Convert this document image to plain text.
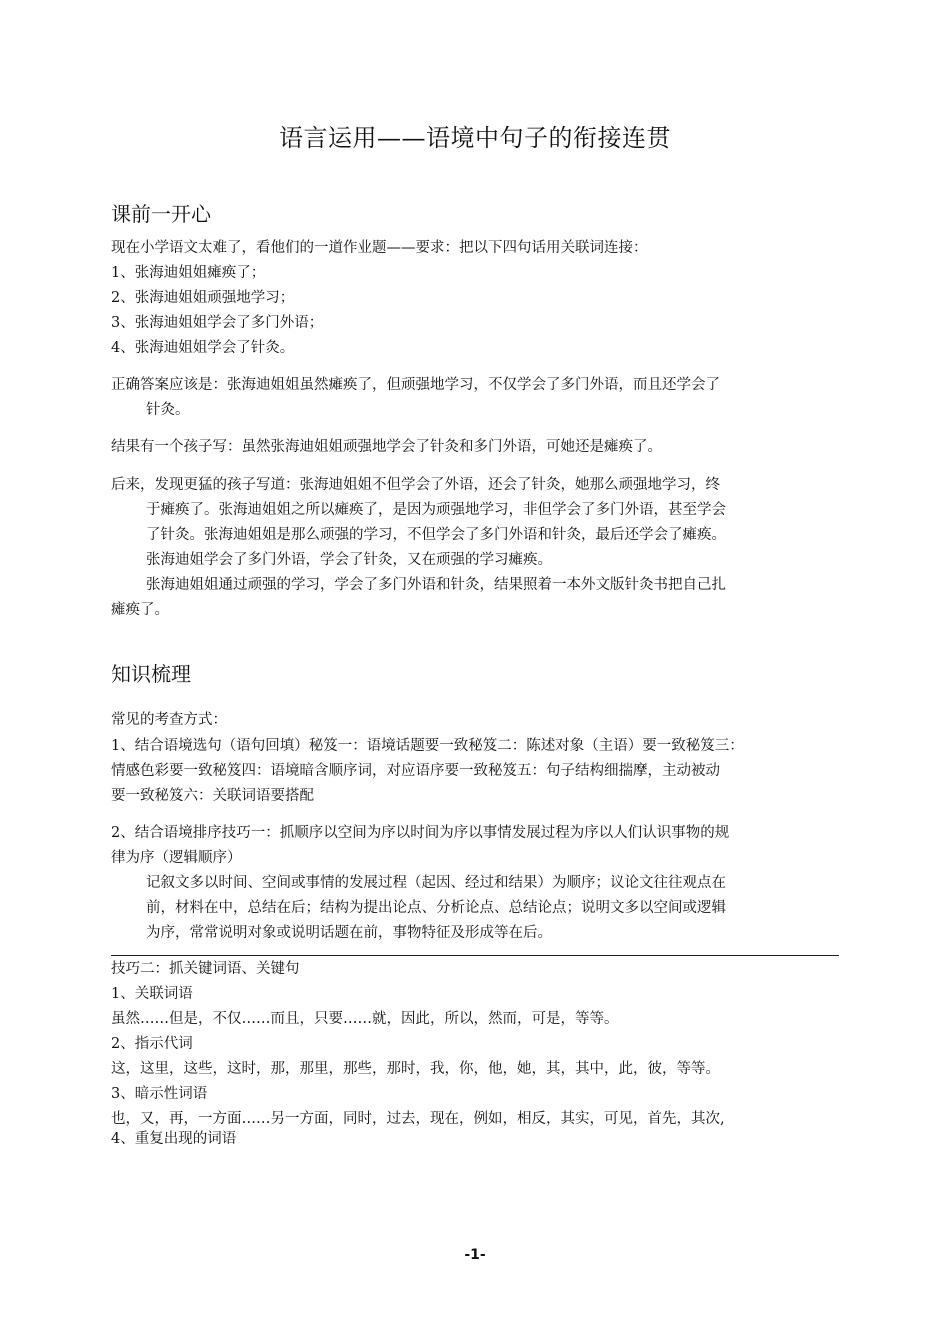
语言运用——语境中句子的衔接连贯
课前一开心
现在小学语文太难了，看他们的一道作业题——要求：把以下四句话用关联词连接：
1、张海迪姐姐瘫痪了；
2、张海迪姐姐顽强地学习；
3、张海迪姐姐学会了多门外语；
4、张海迪姐姐学会了针灸。
正确答案应该是：张海迪姐姐虽然瘫痪了，但顽强地学习，不仅学会了多门外语，而且还学会了
针灸。
结果有一个孩子写：虽然张海迪姐姐顽强地学会了针灸和多门外语，可她还是瘫痪了。
后来，发现更猛的孩子写道：张海迪姐姐不但学会了外语，还会了针灸，她那么顽强地学习，终
于瘫痪了。张海迪姐姐之所以瘫痪了，是因为顽强地学习，非但学会了多门外语，甚至学会
了针灸。张海迪姐姐是那么顽强的学习，不但学会了多门外语和针灸，最后还学会了瘫痪。
张海迪姐学会了多门外语，学会了针灸，又在顽强的学习瘫痪。
张海迪姐姐通过顽强的学习，学会了多门外语和针灸，结果照着一本外文版针灸书把自己扎
瘫痪了。
知识梳理
常见的考查方式：
1、结合语境选句（语句回填）秘笈一：语境话题要一致秘笈二：陈述对象（主语）要一致秘笈三：
情感色彩要一致秘笈四：语境暗含顺序词，对应语序要一致秘笈五：句子结构细揣摩，主动被动
要一致秘笈六：关联词语要搭配
2、结合语境排序技巧一：抓顺序以空间为序以时间为序以事情发展过程为序以人们认识事物的规
律为序（逻辑顺序）
记叙文多以时间、空间或事情的发展过程（起因、经过和结果）为顺序；议论文往往观点在
前，材料在中，总结在后；结构为提出论点、分析论点、总结论点；说明文多以空间或逻辑
为序，常常说明对象或说明话题在前，事物特征及形成等在后。
技巧二：抓关键词语、关键句
1、关联词语
虽然……但是，不仅……而且，只要……就，因此，所以，然而，可是，等等。
2、指示代词
这，这里，这些，这时，那，那里，那些，那时，我，你，他，她，其，其中，此，彼，等等。
3、暗示性词语
也，又，再，一方面……另一方面，同时，过去，现在，例如，相反，其实，可见，首先，其次,
4、重复出现的词语
-1-
